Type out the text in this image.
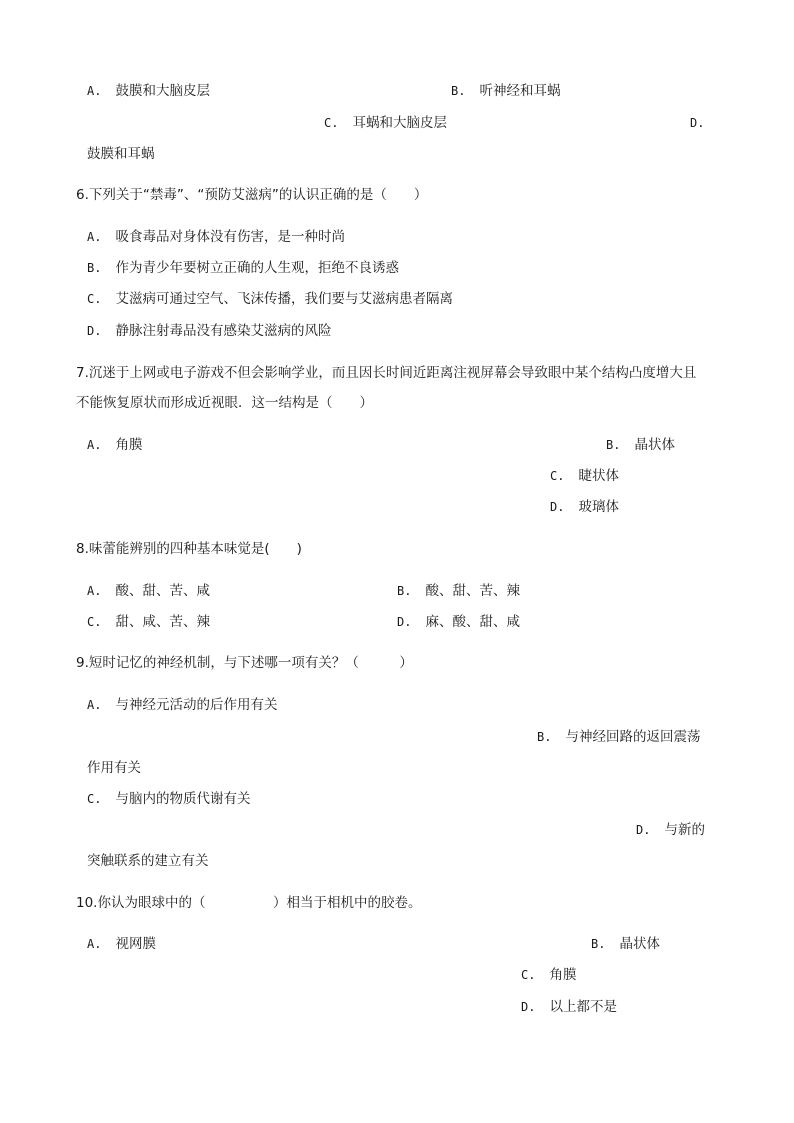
A. 鼓膜和大脑皮层	B. 听神经和耳蜗
C. 耳蜗和大脑皮层	D.
鼓膜和耳蜗
6.下列关于“禁毒”、“预防艾滋病”的认识正确的是（　　）
A. 吸食毒品对身体没有伤害，是一种时尚
B. 作为青少年要树立正确的人生观，拒绝不良诱惑
C. 艾滋病可通过空气、飞沫传播，我们要与艾滋病患者隔离
D. 静脉注射毒品没有感染艾滋病的风险
7.沉迷于上网或电子游戏不但会影响学业，而且因长时间近距离注视屏幕会导致眼中某个结构凸度增大且
不能恢复原状而形成近视眼．这一结构是（　　）
A. 角膜	B. 晶状体
C. 睫状体
D. 玻璃体
8.味蕾能辨别的四种基本味觉是(　　)
A. 酸、甜、苦、咸	B. 酸、甜、苦、辣
C. 甜、咸、苦、辣	D. 麻、酸、甜、咸
9.短时记忆的神经机制，与下述哪一项有关？（　　　）
A. 与神经元活动的后作用有关
B. 与神经回路的返回震荡
作用有关
C. 与脑内的物质代谢有关
D. 与新的
突触联系的建立有关
10.你认为眼球中的（　　　　　）相当于相机中的胶卷。
A. 视网膜	B. 晶状体
C. 角膜
D. 以上都不是
